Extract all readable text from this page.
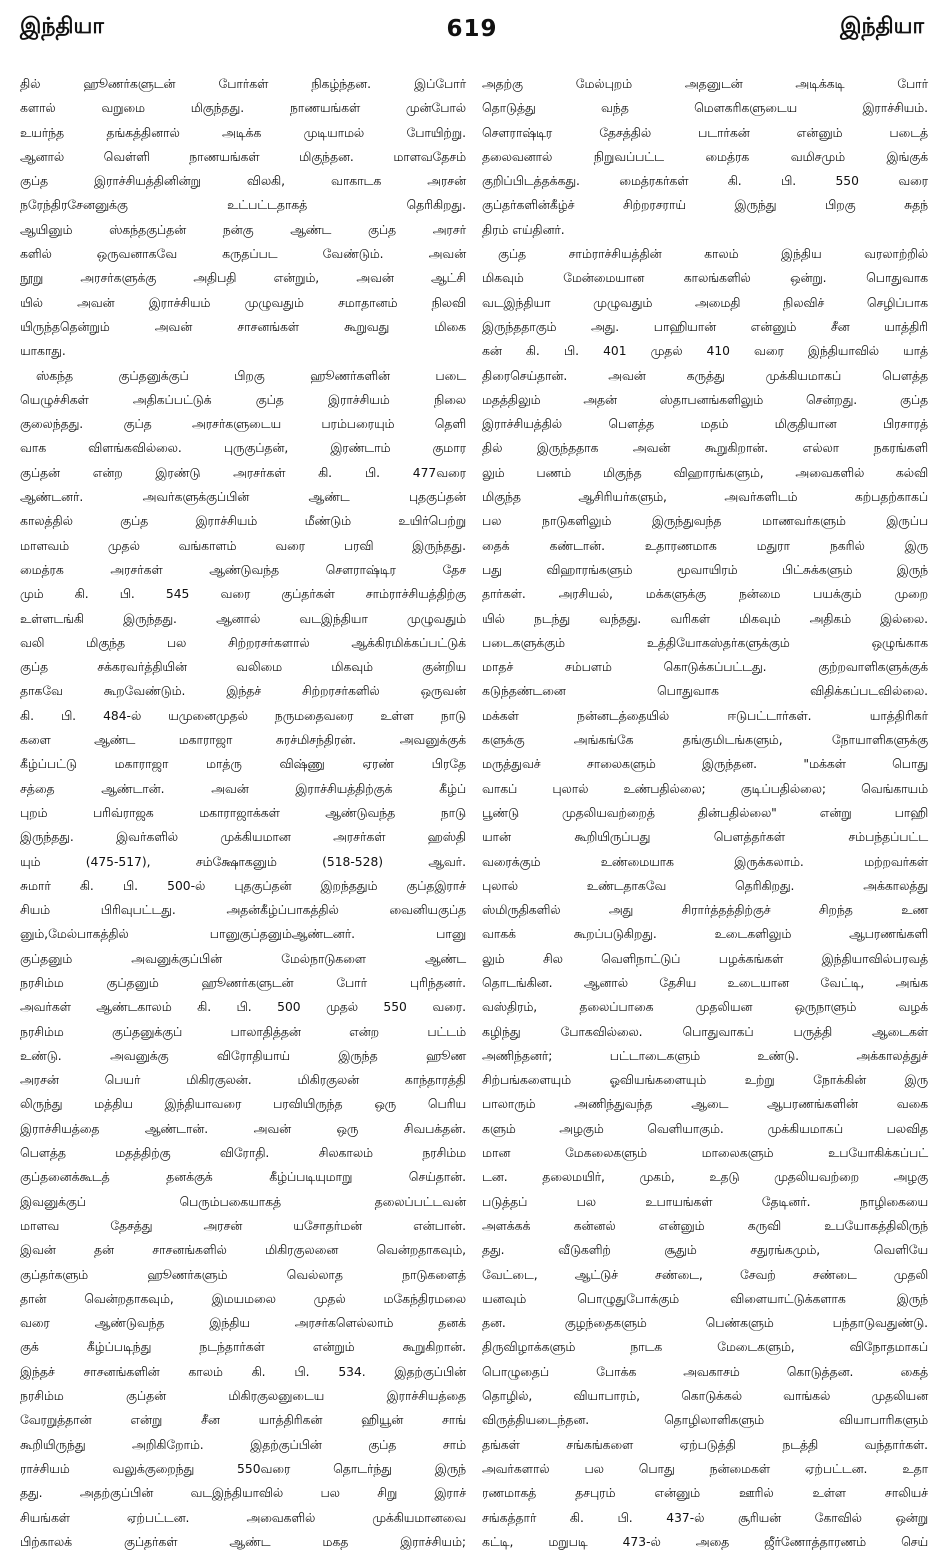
இந்தியா	619	இந்தியா
தில் ஹூணர்களுடன் போர்கள் நிகழ்ந்தன. இப்போர்
களால் வறுமை மிகுந்தது. நாணயங்கள் முன்போல்
உயர்ந்த தங்கத்தினால் அடிக்க முடியாமல் போயிற்று.
ஆனால் வெள்ளி நாணயங்கள் மிகுந்தன. மாளவதேசம்
குப்த இராச்சியத்தினின்று விலகி, வாகாடக அரசன்
நரேந்திரசேனனுக்கு உட்பட்டதாகத் தெரிகிறது.
ஆயினும் ஸ்கந்தகுப்தன் நன்கு ஆண்ட குப்த அரசர்
களில் ஒருவனாகவே கருதப்பட வேண்டும். அவன்
நூறு அரசர்களுக்கு அதிபதி என்றும், அவன் ஆட்சி
யில் அவன் இராச்சியம் முழுவதும் சமாதானம் நிலவி
யிருந்ததென்றும் அவன் சாசனங்கள் கூறுவது மிகை
யாகாது.
ஸ்கந்த குப்தனுக்குப் பிறகு ஹூணர்களின் படை
யெழுச்சிகள் அதிகப்பட்டுக் குப்த இராச்சியம் நிலை
குலைந்தது. குப்த அரசர்களுடைய பரம்பரையும் தெளி
வாக விளங்கவில்லை. புருகுப்தன், இரண்டாம் குமார
குப்தன் என்ற இரண்டு அரசர்கள் கி. பி. 477வரை
ஆண்டனர். அவர்களுக்குப்பின் ஆண்ட புதகுப்தன்
காலத்தில் குப்த இராச்சியம் மீண்டும் உயிர்பெற்று
மாளவம் முதல் வங்காளம் வரை பரவி இருந்தது.
மைத்ரக அரசர்கள் ஆண்டுவந்த சௌராஷ்டிர தேச
மும் கி. பி. 545 வரை குப்தர்கள் சாம்ராச்சியத்திற்கு
உள்ளடங்கி இருந்தது. ஆனால் வடஇந்தியா முழுவதும்
வலி மிகுந்த பல சிற்றரசர்களால் ஆக்கிரமிக்கப்பட்டுக்
குப்த சக்கரவர்த்தியின் வலிமை மிகவும் குன்றிய
தாகவே கூறவேண்டும். இந்தச் சிற்றரசர்களில் ஒருவன்
கி. பி. 484-ல் யமுனைமுதல் நருமதைவரை உள்ள நாடு
களை ஆண்ட மகாராஜா சுரச்மிசந்திரன். அவனுக்குக்
கீழ்ப்பட்டு மகாராஜா மாத்ரு விஷ்ணு ஏரண் பிரதே
சத்தை ஆண்டான். அவன் இராச்சியத்திற்குக் கீழ்ப்
புறம் பரிவ்ராஜக மகாராஜாக்கள் ஆண்டுவந்த நாடு
இருந்தது. இவர்களில் முக்கியமான அரசர்கள் ஹஸ்தி
யும் (475-517), சம்க்ஷோகனும் (518-528) ஆவர்.
சுமார் கி. பி. 500-ல் புதகுப்தன் இறந்ததும் குப்தஇராச்
சியம் பிரிவுபட்டது. அதன்கீழ்ப்பாகத்தில் வைனியகுப்த
னும்,மேல்பாகத்தில் பானுகுப்தனும்ஆண்டனர். பானு
குப்தனும் அவனுக்குப்பின் மேல்நாடுகளை ஆண்ட
நரசிம்ம குப்தனும் ஹூணர்களுடன் போர் புரிந்தனர்.
அவர்கள் ஆண்டகாலம் கி. பி. 500 முதல் 550 வரை.
நரசிம்ம குப்தனுக்குப் பாலாதித்தன் என்ற பட்டம்
உண்டு. அவனுக்கு விரோதியாய் இருந்த ஹூண
அரசன் பெயர் மிகிரகுலன். மிகிரகுலன் காந்தாரத்தி
லிருந்து மத்திய இந்தியாவரை பரவியிருந்த ஒரு பெரிய
இராச்சியத்தை ஆண்டான். அவன் ஒரு சிவபக்தன்.
பௌத்த மதத்திற்கு விரோதி. சிலகாலம் நரசிம்ம
குப்தனைக்கூடத் தனக்குக் கீழ்ப்படியுமாறு செய்தான்.
இவனுக்குப் பெரும்பகையாகத் தலைப்பட்டவன்
மாளவ தேசத்து அரசன் யசோதர்மன் என்பான்.
இவன் தன் சாசனங்களில் மிகிரகுலனை வென்றதாகவும்,
குப்தர்களும் ஹூணர்களும் வெல்லாத நாடுகளைத்
தான் வென்றதாகவும், இமயமலை முதல் மகேந்திரமலை
வரை ஆண்டுவந்த இந்திய அரசர்களெல்லாம் தனக்
குக் கீழ்ப்படிந்து நடந்தார்கள் என்றும் கூறுகிறான்.
இந்தச் சாசனங்களின் காலம் கி. பி. 534. இதற்குப்பின்
நரசிம்ம குப்தன் மிகிரகுலனுடைய இராச்சியத்தை
வேரறுத்தான் என்று சீன யாத்திரிகன் ஹியூன் சாங்
கூறியிருந்து அறிகிறோம். இதற்குப்பின் குப்த சாம்
ராச்சியம் வலுக்குறைந்து 550வரை தொடர்ந்து இருந்
தது. அதற்குப்பின் வடஇந்தியாவில் பல சிறு இராச்
சியங்கள் ஏற்பட்டன. அவைகளில் முக்கியமானவை
பிற்காலக் குப்தர்கள் ஆண்ட மகத இராச்சியம்;
அதற்கு மேல்புறம் அதனுடன் அடிக்கடி போர்
தொடுத்து வந்த மௌகரிகளுடைய இராச்சியம்.
சௌராஷ்டிர தேசத்தில் படார்கன் என்னும் படைத்
தலைவனால் நிறுவப்பட்ட மைத்ரக வமிசமும் இங்குக்
குறிப்பிடத்தக்கது. மைத்ரகர்கள் கி. பி. 550 வரை
குப்தர்களின்கீழ்ச் சிற்றரசராய் இருந்து பிறகு சுதந்
திரம் எய்தினர்.
குப்த சாம்ராச்சியத்தின் காலம் இந்திய வரலாற்றில்
மிகவும் மேன்மையான காலங்களில் ஒன்று. பொதுவாக
வடஇந்தியா முழுவதும் அமைதி நிலவிச் செழிப்பாக
இருந்ததாகும் அது. பாஹியான் என்னும் சீன யாத்திரி
கன் கி. பி. 401 முதல் 410 வரை இந்தியாவில் யாத்
திரைசெய்தான். அவன் கருத்து முக்கியமாகப் பௌத்த
மதத்திலும் அதன் ஸ்தாபனங்களிலும் சென்றது. குப்த
இராச்சியத்தில் பௌத்த மதம் மிகுதியான பிரசாரத்
தில் இருந்ததாக அவன் கூறுகிறான். எல்லா நகரங்களி
லும் பணம் மிகுந்த விஹாரங்களும், அவைகளில் கல்வி
மிகுந்த ஆசிரியர்களும், அவர்களிடம் கற்பதற்காகப்
பல நாடுகளிலும் இருந்துவந்த மாணவர்களும் இருப்ப
தைக் கண்டான். உதாரணமாக மதுரா நகரில் இரு
பது விஹாரங்களும் மூவாயிரம் பிட்சுக்களும் இருந்
தார்கள். அரசியல், மக்களுக்கு நன்மை பயக்கும் முறை
யில் நடந்து வந்தது. வரிகள் மிகவும் அதிகம் இல்லை.
படைகளுக்கும் உத்தியோகஸ்தர்களுக்கும் ஒழுங்காக
மாதச் சம்பளம் கொடுக்கப்பட்டது. குற்றவாளிகளுக்குக்
கடுந்தண்டனை பொதுவாக விதிக்கப்படவில்லை.
மக்கள் நன்னடத்தையில் ஈடுபட்டார்கள். யாத்திரிகர்
களுக்கு அங்கங்கே தங்குமிடங்களும், நோயாளிகளுக்கு
மருத்துவச் சாலைகளும் இருந்தன. "மக்கள் பொது
வாகப் புலால் உண்பதில்லை; குடிப்பதில்லை; வெங்காயம்
பூண்டு முதலியவற்றைத் தின்பதில்லை" என்று பாஹி
யான் கூறியிருப்பது பௌத்தர்கள் சம்பந்தப்பட்ட
வரைக்கும் உண்மையாக இருக்கலாம். மற்றவர்கள்
புலால் உண்டதாகவே தெரிகிறது. அக்காலத்து
ஸ்மிருதிகளில் அது சிரார்த்தத்திற்குச் சிறந்த உண
வாகக் கூறப்படுகிறது. உடைகளிலும் ஆபரணங்களி
லும் சில வெளிநாட்டுப் பழக்கங்கள் இந்தியாவில்பரவத்
தொடங்கின. ஆனால் தேசிய உடையான வேட்டி, அங்க
வஸ்திரம், தலைப்பாகை முதலியன ஒருநாளும் வழக்
கழிந்து போகவில்லை. பொதுவாகப் பருத்தி ஆடைகள்
அணிந்தனர்; பட்டாடைகளும் உண்டு. அக்காலத்துச்
சிற்பங்களையும் ஓவியங்களையும் உற்று நோக்கின் இரு
பாலாரும் அணிந்துவந்த ஆடை ஆபரணங்களின் வகை
களும் அழகும் வெளியாகும். முக்கியமாகப் பலவித
மான மேகலைகளும் மாலைகளும் உபயோகிக்கப்பட்
டன. தலைமயிர், முகம், உதடு முதலியவற்றை அழகு
படுத்தப் பல உபாயங்கள் தேடினர். நாழிகையை
அளக்கக் கன்னல் என்னும் கருவி உபயோகத்திலிருந்
தது. வீடுகளிற் சூதும் சதுரங்கமும், வெளியே
வேட்டை, ஆட்டுச் சண்டை, சேவற் சண்டை முதலி
யனவும் பொழுதுபோக்கும் விளையாட்டுக்களாக இருந்
தன. குழந்தைகளும் பெண்களும் பந்தாடுவதுண்டு.
திருவிழாக்களும் நாடக மேடைகளும், விநோதமாகப்
பொழுதைப் போக்க அவகாசம் கொடுத்தன. கைத்
தொழில், வியாபாரம், கொடுக்கல் வாங்கல் முதலியன
விருத்தியடைந்தன. தொழிலாளிகளும் வியாபாரிகளும்
தங்கள் சங்கங்களை ஏற்படுத்தி நடத்தி வந்தார்கள்.
அவர்களால் பல பொது நன்மைகள் ஏற்பட்டன. உதா
ரணமாகத் தசபுரம் என்னும் ஊரில் உள்ள சாலியச்
சங்கத்தார் கி. பி. 437-ல் சூரியன் கோவில் ஒன்று
கட்டி, மறுபடி 473-ல் அதை ஜீர்ணோத்தாரணம் செய்
